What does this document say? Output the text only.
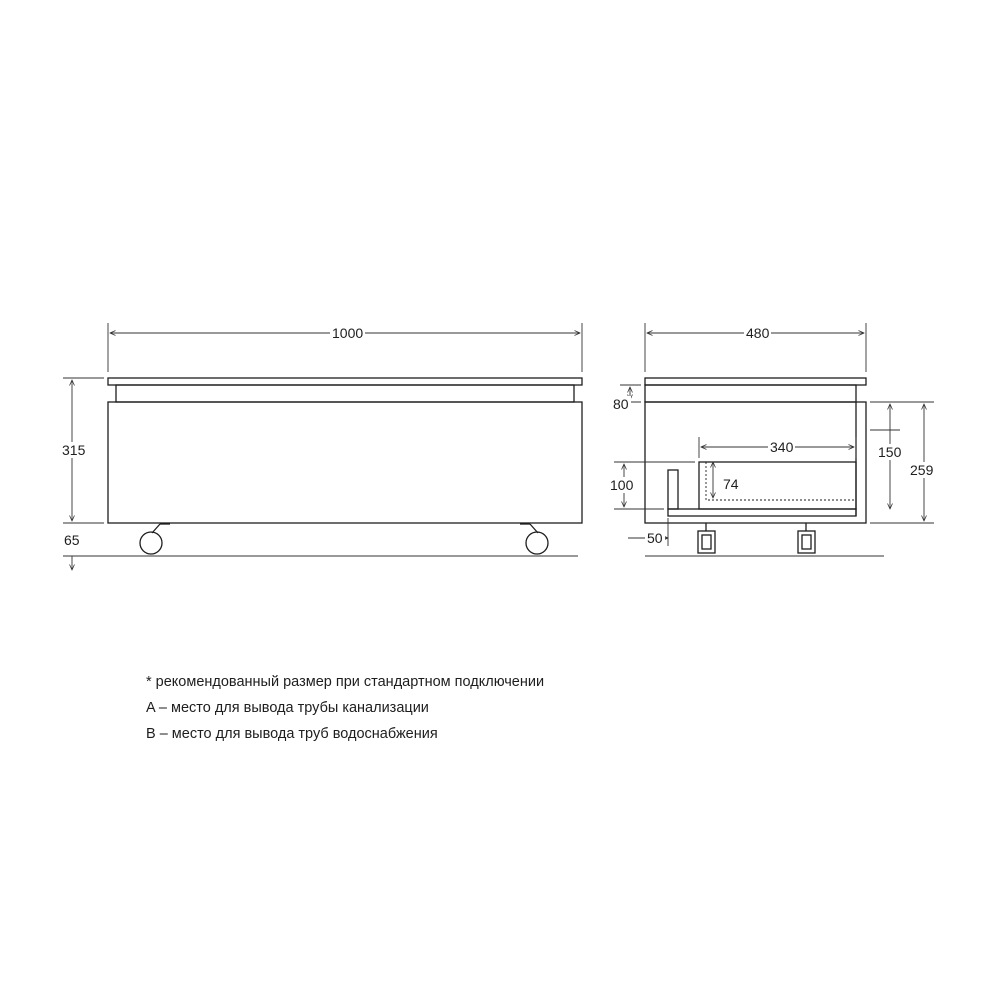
1000
315
65
480
80
340	150
259
74
100
50
* рекомендованный размер при стандартном подключении
A – место для вывода трубы канализации
B – место для вывода труб водоснабжения
